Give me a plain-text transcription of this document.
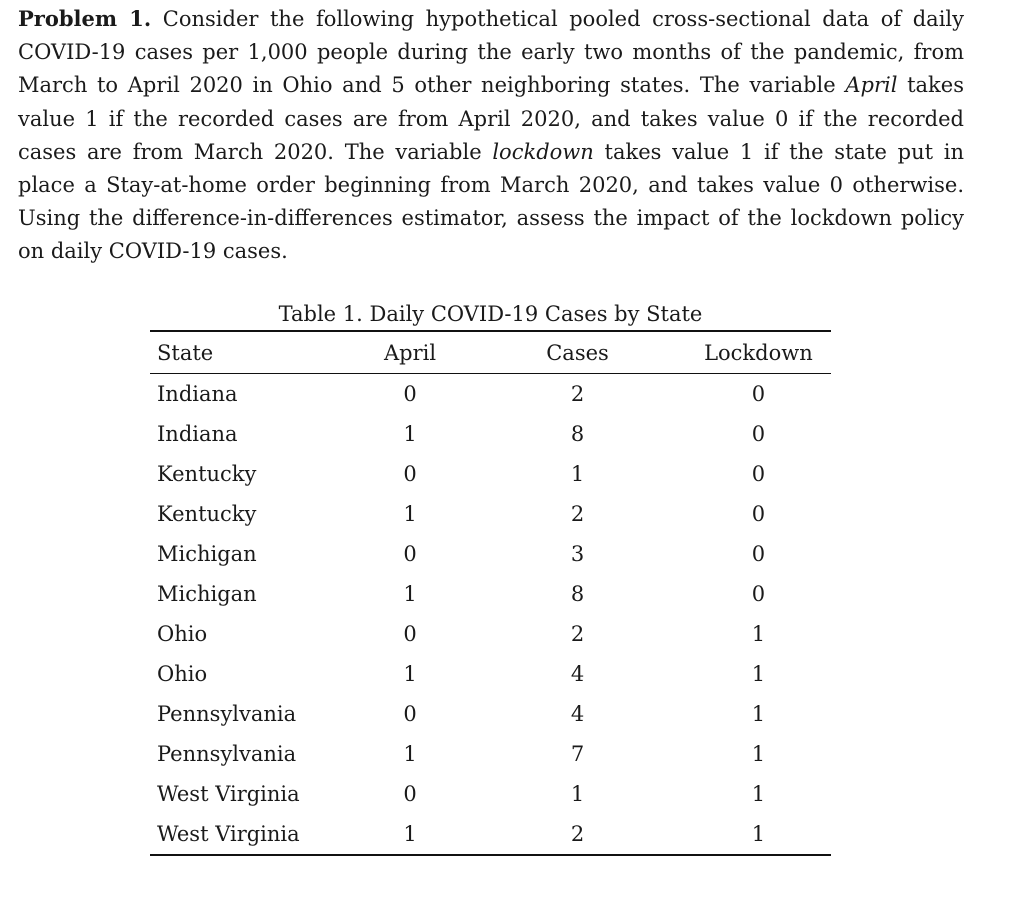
Problem 1. Consider the following hypothetical pooled cross-sectional data of daily COVID-19 cases per 1,000 people during the early two months of the pandemic, from March to April 2020 in Ohio and 5 other neighboring states. The variable April takes value 1 if the recorded cases are from April 2020, and takes value 0 if the recorded cases are from March 2020. The variable lockdown takes value 1 if the state put in place a Stay-at-home order beginning from March 2020, and takes value 0 otherwise. Using the difference-in-differences estimator, assess the impact of the lockdown policy on daily COVID-19 cases.

Table 1. Daily COVID-19 Cases by State
State	April	Cases	Lockdown
Indiana	0	2	0
Indiana	1	8	0
Kentucky	0	1	0
Kentucky	1	2	0
Michigan	0	3	0
Michigan	1	8	0
Ohio	0	2	1
Ohio	1	4	1
Pennsylvania	0	4	1
Pennsylvania	1	7	1
West Virginia	0	1	1
West Virginia	1	2	1
